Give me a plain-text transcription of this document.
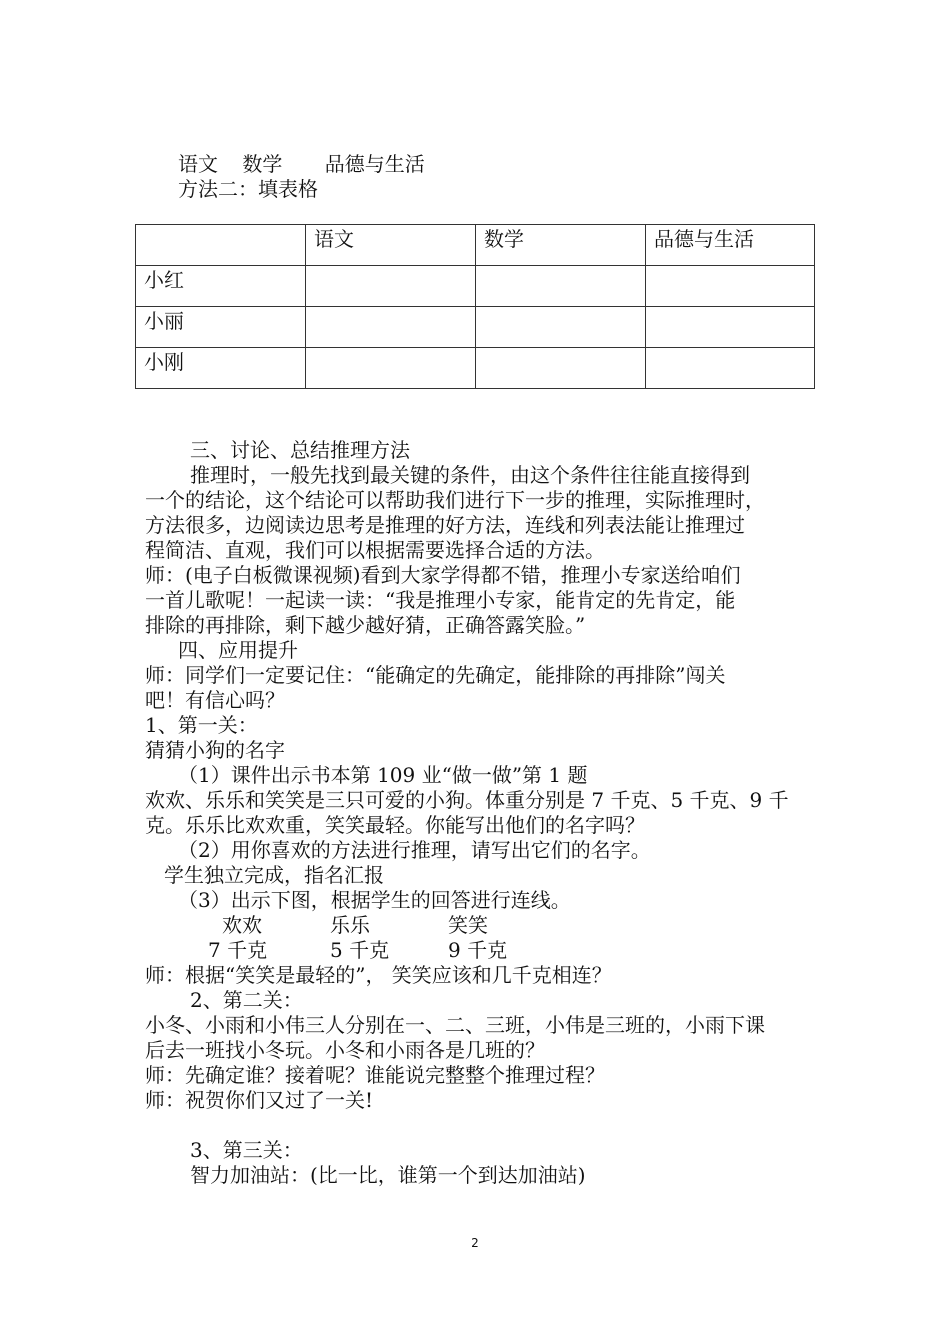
语文 数学 品德与生活
方法二：填表格
	语文	数学	品德与生活
小红			
小丽			
小刚			
三、讨论、总结推理方法
推理时，一般先找到最关键的条件，由这个条件往往能直接得到
一个的结论，这个结论可以帮助我们进行下一步的推理，实际推理时，
方法很多，边阅读边思考是推理的好方法，连线和列表法能让推理过
程简洁、直观，我们可以根据需要选择合适的方法。
师：(电子白板微课视频)看到大家学得都不错，推理小专家送给咱们
一首儿歌呢！一起读一读：“我是推理小专家，能肯定的先肯定，能
排除的再排除，剩下越少越好猜，正确答露笑脸。”
四、应用提升
师：同学们一定要记住：“能确定的先确定，能排除的再排除”闯关
吧！有信心吗？
1、第一关：
猜猜小狗的名字
（1）课件出示书本第 109 业“做一做”第 1 题
欢欢、乐乐和笑笑是三只可爱的小狗。体重分别是 7 千克、5 千克、9 千
克。乐乐比欢欢重，笑笑最轻。你能写出他们的名字吗？
（2）用你喜欢的方法进行推理，请写出它们的名字。
学生独立完成，指名汇报
（3）出示下图，根据学生的回答进行连线。
欢欢	乐乐	笑笑
7 千克	5 千克	9 千克
师：根据“笑笑是最轻的”， 笑笑应该和几千克相连？
2、第二关：
小冬、小雨和小伟三人分别在一、二、三班，小伟是三班的，小雨下课
后去一班找小冬玩。小冬和小雨各是几班的？
师：先确定谁？接着呢？谁能说完整整个推理过程？
师：祝贺你们又过了一关!
3、第三关：
智力加油站：(比一比，谁第一个到达加油站)
2
